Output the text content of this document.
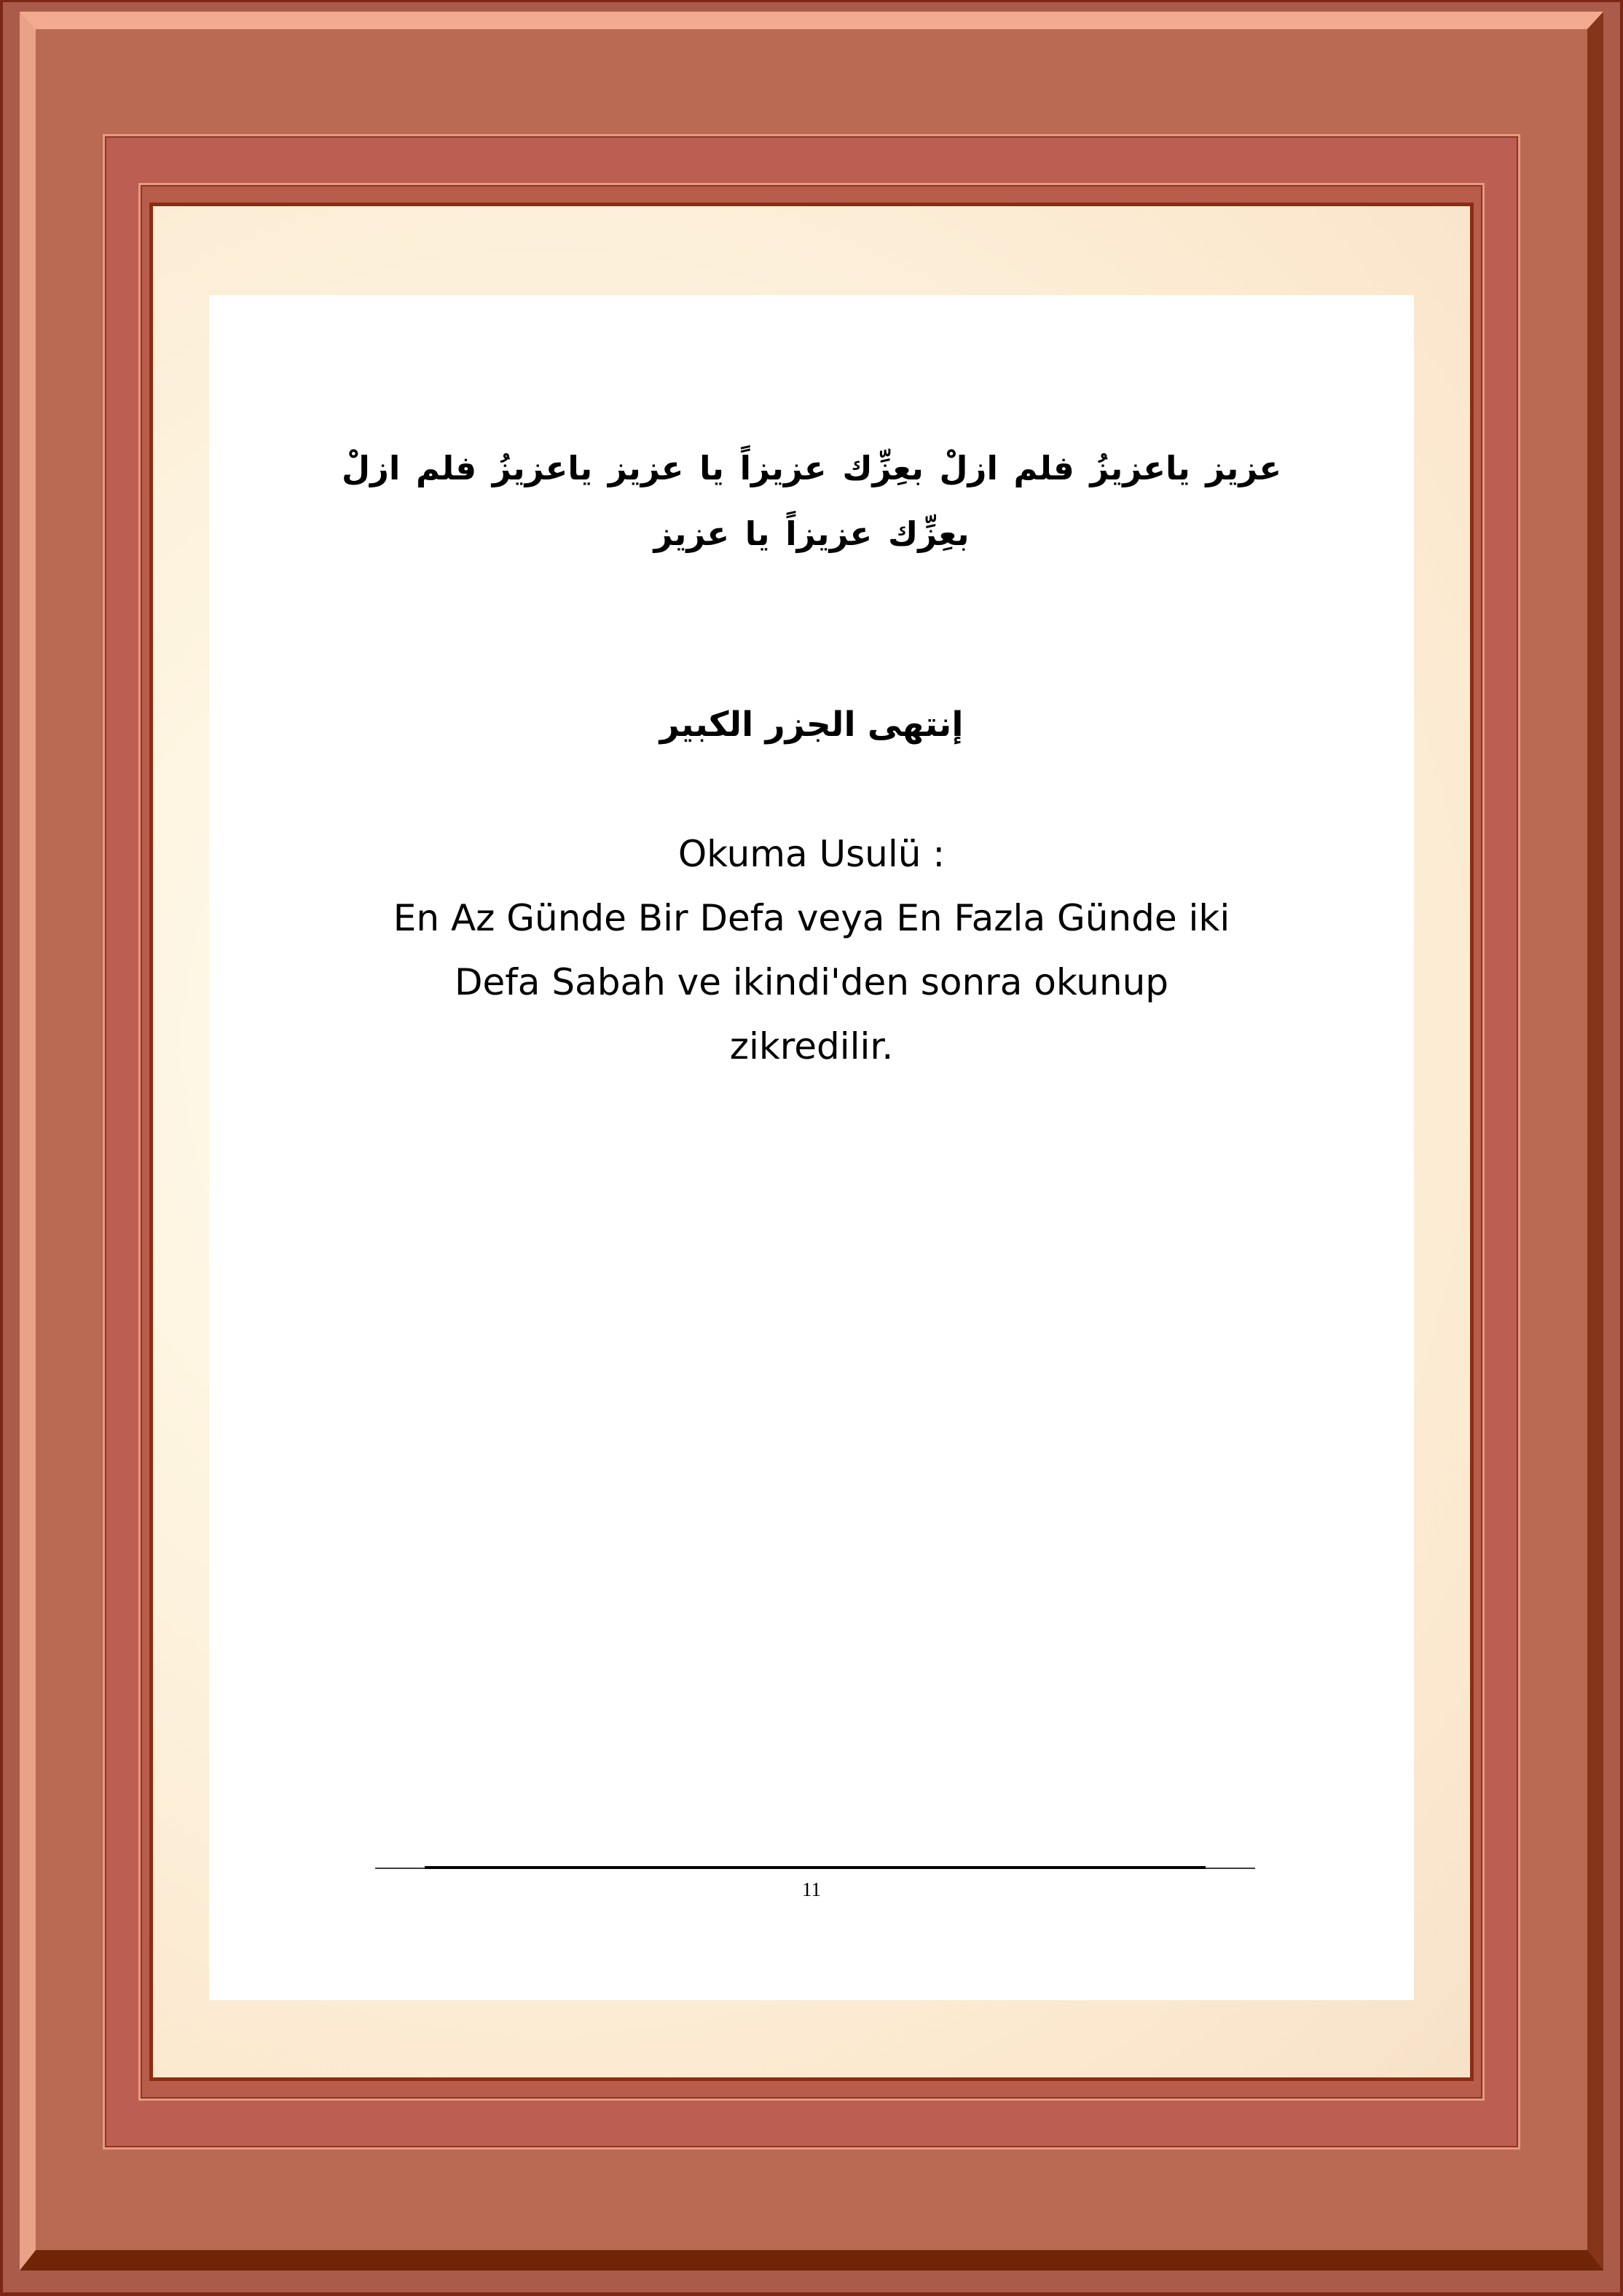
عزيز ياعزيزُ فلم ازلْ بعِزِّك عزيزاً يا عزيز ياعزيزُ فلم ازلْ
بعِزِّك عزيزاً يا عزيز
إنتهى الجزر الكبير
Okuma Usulü :
En Az Günde Bir Defa veya En Fazla Günde iki
Defa Sabah ve ikindi'den sonra okunup
zikredilir.
11
